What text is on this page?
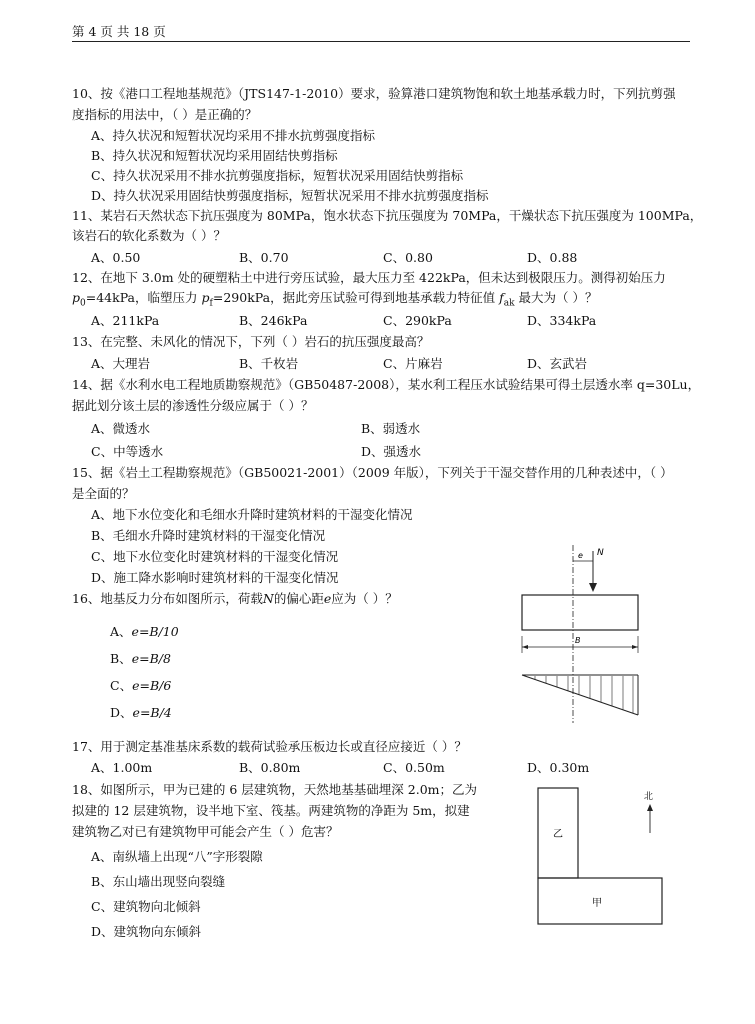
第 4 页 共 18 页
10、按《港口工程地基规范》（JTS147-1-2010）要求，验算港口建筑物饱和软土地基承载力时，下列抗剪强
度指标的用法中，（ ）是正确的？
A、持久状况和短暂状况均采用不排水抗剪强度指标
B、持久状况和短暂状况均采用固结快剪指标
C、持久状况采用不排水抗剪强度指标，短暂状况采用固结快剪指标
D、持久状况采用固结快剪强度指标，短暂状况采用不排水抗剪强度指标
11、某岩石天然状态下抗压强度为 80MPa，饱水状态下抗压强度为 70MPa，干燥状态下抗压强度为 100MPa，
该岩石的软化系数为（ ）？
A、0.50	B、0.70	C、0.80	D、0.88
12、在地下 3.0m 处的硬塑粘土中进行旁压试验，最大压力至 422kPa，但未达到极限压力。测得初始压力
$p_0=44kPa$，临塑压力 $p_f=290kPa$，据此旁压试验可得到地基承载力特征值 $f_{ak}$ 最大为（ ）？
A、211kPa	B、246kPa	C、290kPa	D、334kPa
13、在完整、未风化的情况下，下列（ ）岩石的抗压强度最高？
A、大理岩	B、千枚岩	C、片麻岩	D、玄武岩
14、据《水利水电工程地质勘察规范》（GB50487-2008），某水利工程压水试验结果可得土层透水率 q=30Lu，
据此划分该土层的渗透性分级应属于（ ）？
A、微透水	B、弱透水
C、中等透水	D、强透水
15、据《岩土工程勘察规范》（GB50021-2001）（2009 年版），下列关于干湿交替作用的几种表述中，（ ）
是全面的？
A、地下水位变化和毛细水升降时建筑材料的干湿变化情况
B、毛细水升降时建筑材料的干湿变化情况
C、地下水位变化时建筑材料的干湿变化情况
D、施工降水影响时建筑材料的干湿变化情况
16、地基反力分布如图所示，荷载N的偏心距e应为（ ）？
A、e=B/10
B、e=B/8
C、e=B/6
D、e=B/4
N
e
B
17、用于测定基准基床系数的载荷试验承压板边长或直径应接近（ ）？
A、1.00m	B、0.80m	C、0.50m	D、0.30m
18、如图所示，甲为已建的 6 层建筑物，天然地基基础埋深 2.0m；乙为
拟建的 12 层建筑物，设半地下室、筏基。两建筑物的净距为 5m，拟建
建筑物乙对已有建筑物甲可能会产生（ ）危害？
A、南纵墙上出现“八”字形裂隙
B、东山墙出现竖向裂缝
C、建筑物向北倾斜
D、建筑物向东倾斜
乙
甲
北
